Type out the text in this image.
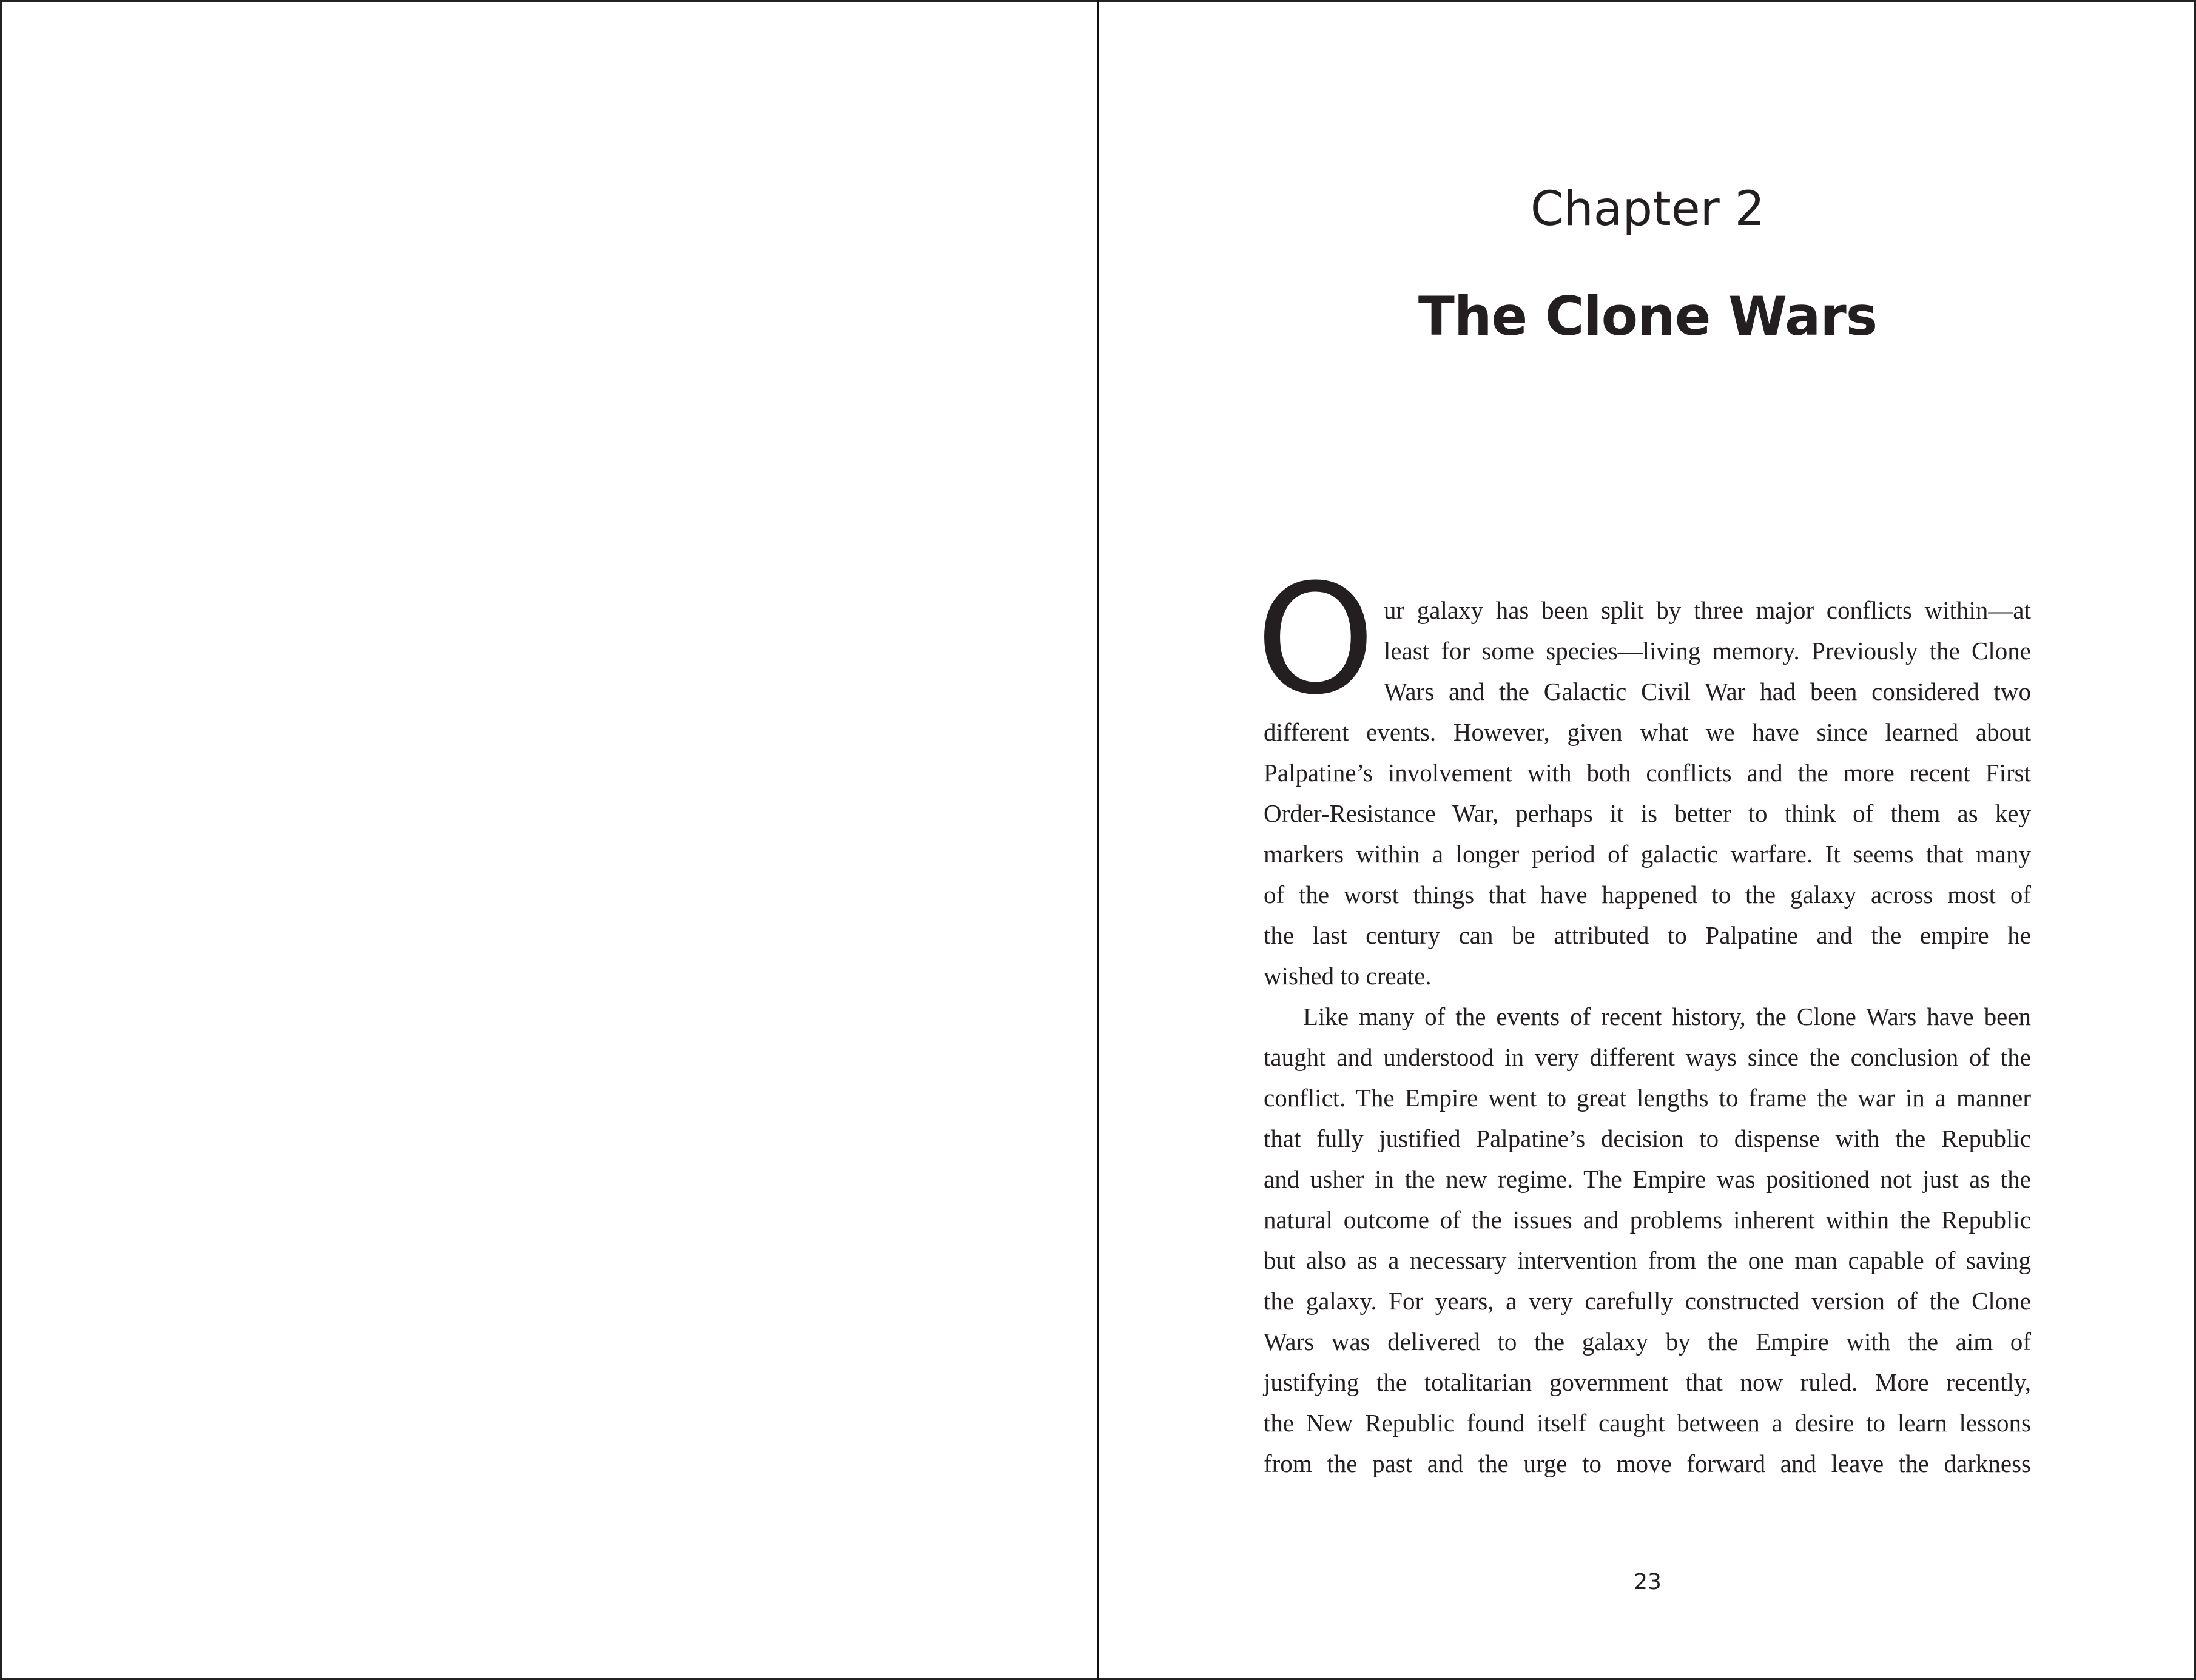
Chapter 2
The Clone Wars
O ur galaxy has been split by three major conflicts within—at
least for some species—living memory. Previously the Clone
Wars and the Galactic Civil War had been considered two
different events. However, given what we have since learned about
Palpatine’s involvement with both conflicts and the more recent First
Order-Resistance War, perhaps it is better to think of them as key
markers within a longer period of galactic warfare. It seems that many
of the worst things that have happened to the galaxy across most of
the last century can be attributed to Palpatine and the empire he
wished to create.
Like many of the events of recent history, the Clone Wars have been
taught and understood in very different ways since the conclusion of the
conflict. The Empire went to great lengths to frame the war in a manner
that fully justified Palpatine’s decision to dispense with the Republic
and usher in the new regime. The Empire was positioned not just as the
natural outcome of the issues and problems inherent within the Republic
but also as a necessary intervention from the one man capable of saving
the galaxy. For years, a very carefully constructed version of the Clone
Wars was delivered to the galaxy by the Empire with the aim of
justifying the totalitarian government that now ruled. More recently,
the New Republic found itself caught between a desire to learn lessons
from the past and the urge to move forward and leave the darkness
23
